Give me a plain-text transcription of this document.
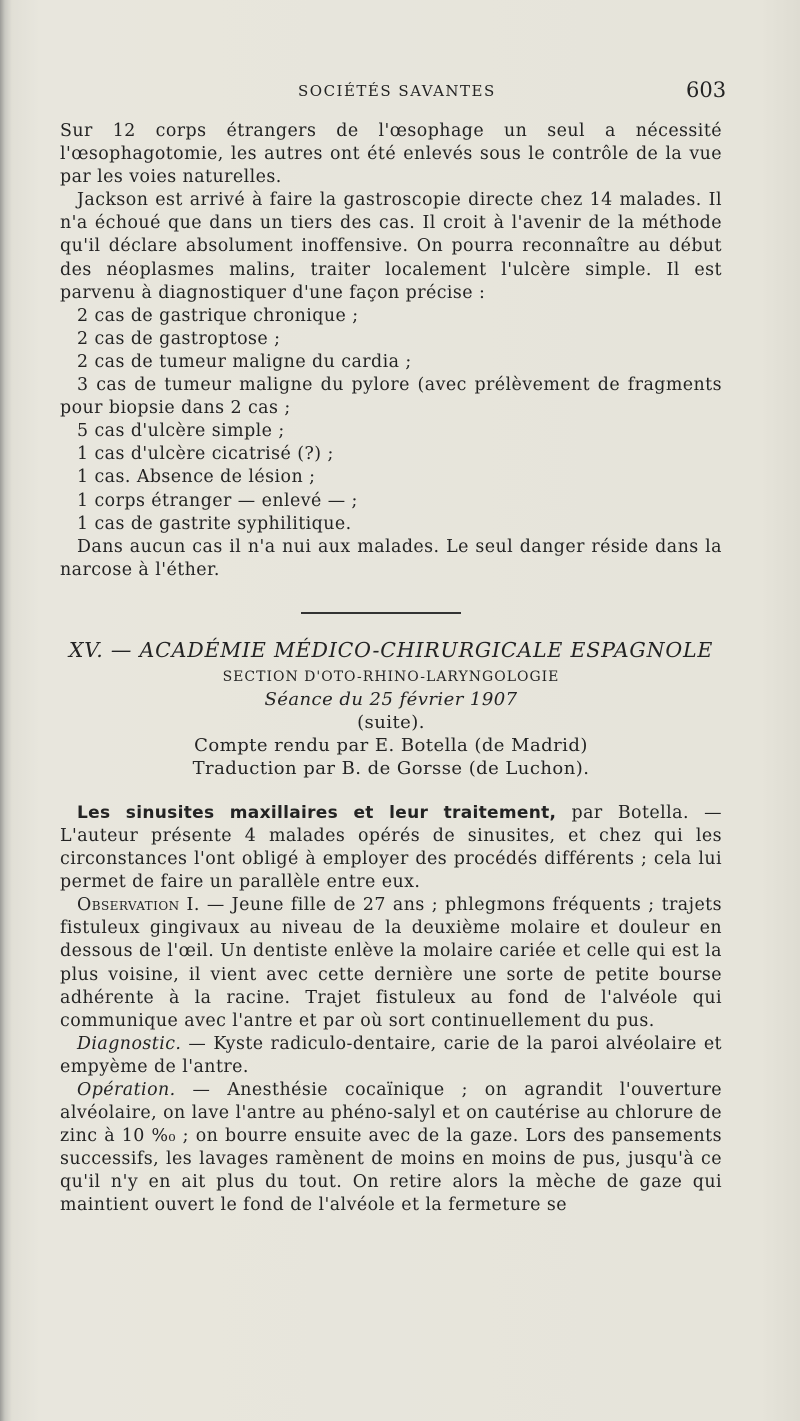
SOCIÉTÉS SAVANTES	603

Sur 12 corps étrangers de l'œsophage un seul a nécessité l'œsophagotomie, les autres ont été enlevés sous le contrôle de la vue par les voies naturelles.

Jackson est arrivé à faire la gastroscopie directe chez 14 malades. Il n'a échoué que dans un tiers des cas. Il croit à l'avenir de la méthode qu'il déclare absolument inoffensive. On pourra reconnaître au début des néoplasmes malins, traiter localement l'ulcère simple. Il est parvenu à diagnostiquer d'une façon précise :

2 cas de gastrique chronique ;

2 cas de gastroptose ;

2 cas de tumeur maligne du cardia ;

3 cas de tumeur maligne du pylore (avec prélèvement de fragments pour biopsie dans 2 cas ;

5 cas d'ulcère simple ;

1 cas d'ulcère cicatrisé (?) ;

1 cas. Absence de lésion ;

1 corps étranger — enlevé — ;

1 cas de gastrite syphilitique.

Dans aucun cas il n'a nui aux malades. Le seul danger réside dans la narcose à l'éther.

XV. — ACADÉMIE MÉDICO-CHIRURGICALE ESPAGNOLE
SECTION D'OTO-RHINO-LARYNGOLOGIE
Séance du 25 février 1907
(suite).
Compte rendu par E. Botella (de Madrid)
Traduction par B. de Gorsse (de Luchon).

Les sinusites maxillaires et leur traitement, par Botella. — L'auteur présente 4 malades opérés de sinusites, et chez qui les circonstances l'ont obligé à employer des procédés différents ; cela lui permet de faire un parallèle entre eux.

Observation I. — Jeune fille de 27 ans ; phlegmons fréquents ; trajets fistuleux gingivaux au niveau de la deuxième molaire et douleur en dessous de l'œil. Un dentiste enlève la molaire cariée et celle qui est la plus voisine, il vient avec cette dernière une sorte de petite bourse adhérente à la racine. Trajet fistuleux au fond de l'alvéole qui communique avec l'antre et par où sort continuellement du pus.

Diagnostic. — Kyste radiculo-dentaire, carie de la paroi alvéolaire et empyème de l'antre.

Opération. — Anesthésie cocaïnique ; on agrandit l'ouverture alvéolaire, on lave l'antre au phéno-salyl et on cautérise au chlorure de zinc à 10 %₀ ; on bourre ensuite avec de la gaze. Lors des pansements successifs, les lavages ramènent de moins en moins de pus, jusqu'à ce qu'il n'y en ait plus du tout. On retire alors la mèche de gaze qui maintient ouvert le fond de l'alvéole et la fermeture se
